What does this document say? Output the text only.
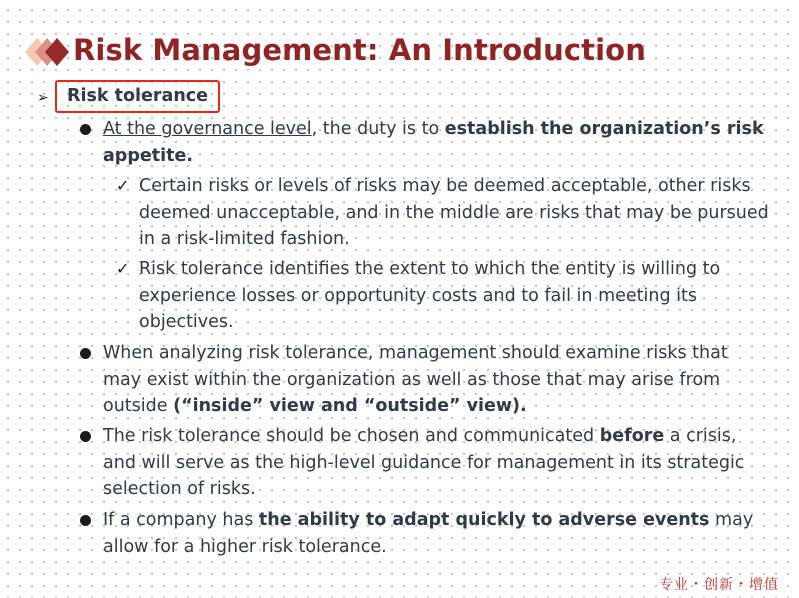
Risk Management: An Introduction
➢ Risk tolerance
At the governance level, the duty is to establish the organization’s risk appetite.
✓ Certain risks or levels of risks may be deemed acceptable, other risks deemed unacceptable, and in the middle are risks that may be pursued in a risk-limited fashion.
✓ Risk tolerance identifies the extent to which the entity is willing to experience losses or opportunity costs and to fail in meeting its objectives.
When analyzing risk tolerance, management should examine risks that may exist within the organization as well as those that may arise from outside (“inside” view and “outside” view).
The risk tolerance should be chosen and communicated before a crisis, and will serve as the high-level guidance for management in its strategic selection of risks.
If a company has the ability to adapt quickly to adverse events may allow for a higher risk tolerance.
专业・创新・增值
